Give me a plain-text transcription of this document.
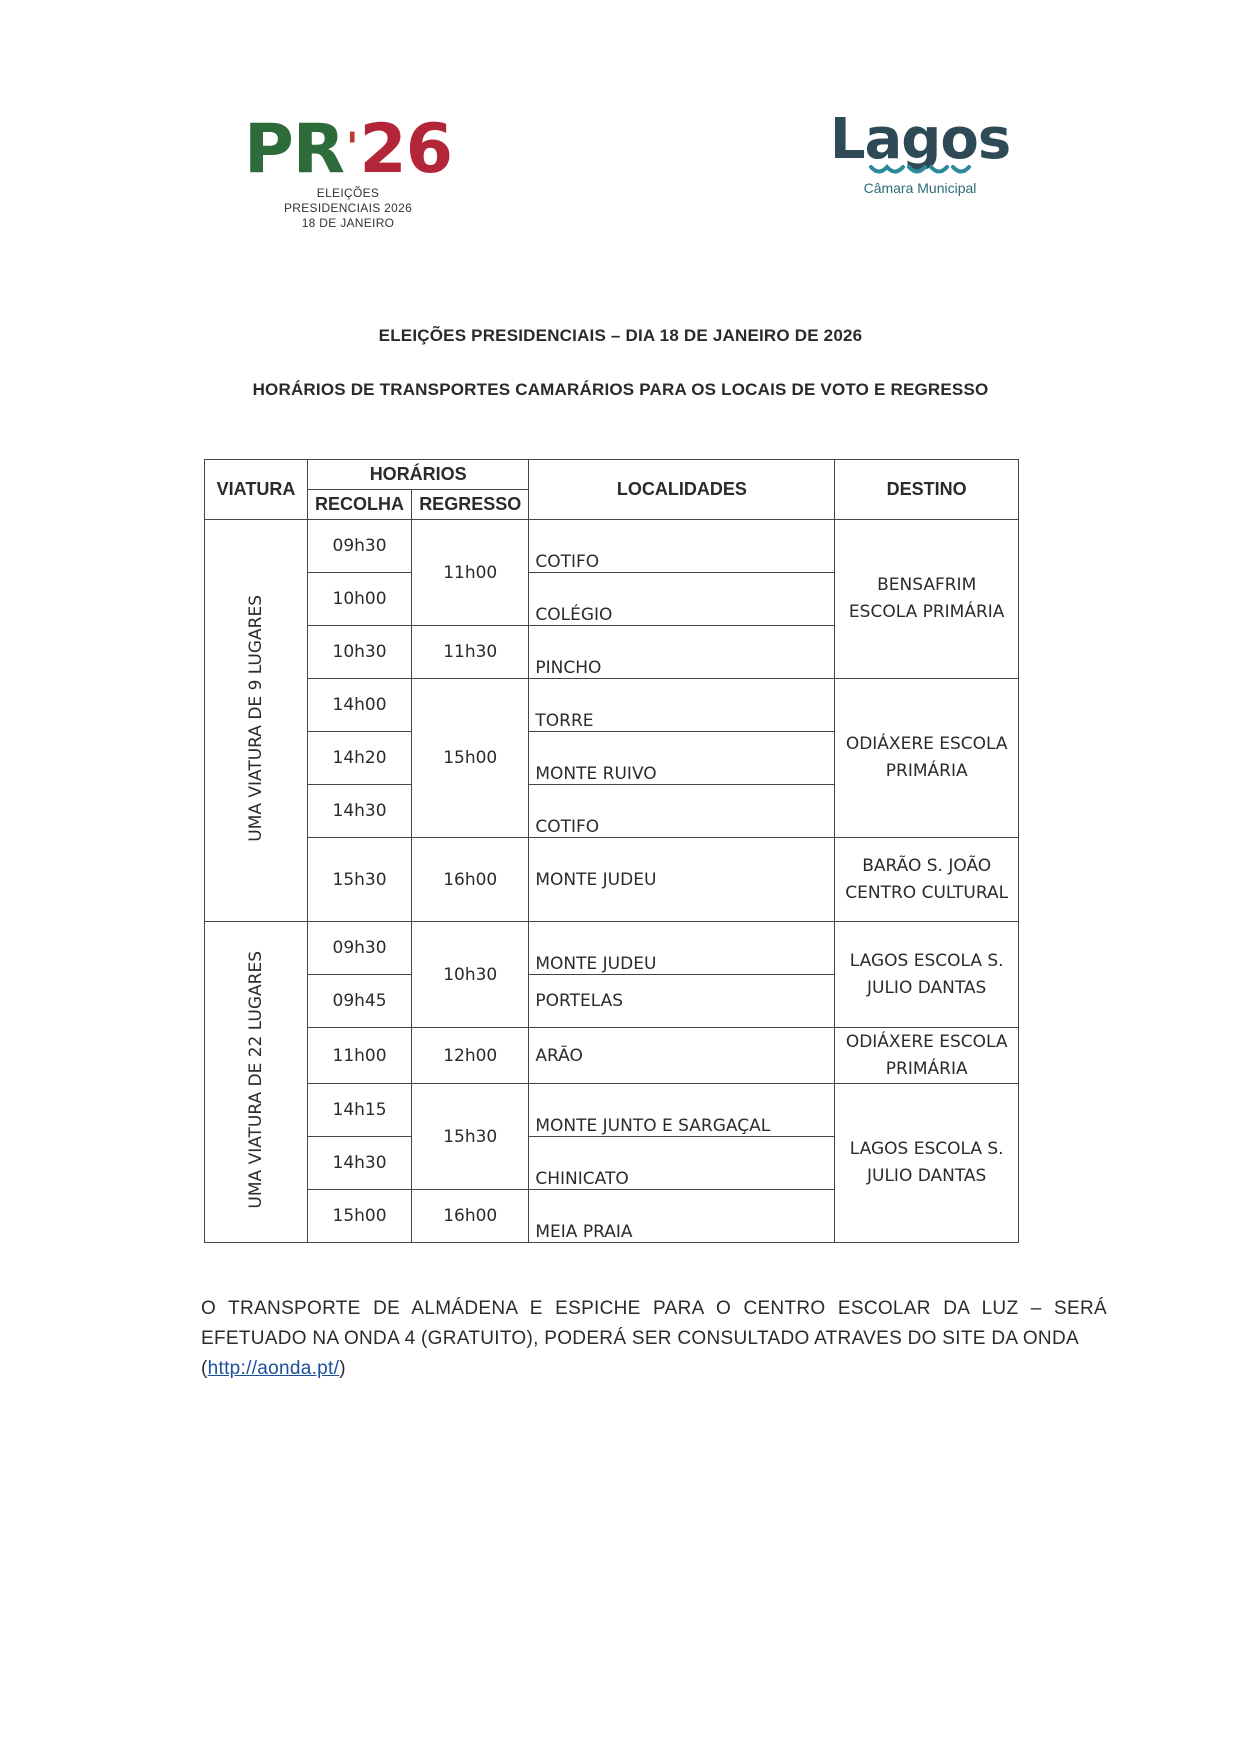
PR'26
ELEIÇÕES
PRESIDENCIAIS 2026
18 DE JANEIRO
Lagos
Câmara Municipal
ELEIÇÕES PRESIDENCIAIS – DIA 18 DE JANEIRO DE 2026
HORÁRIOS DE TRANSPORTES CAMARÁRIOS PARA OS LOCAIS DE VOTO E REGRESSO
VIATURA	HORÁRIOS		LOCALIDADES	DESTINO
	RECOLHA	REGRESSO		
UMA VIATURA DE 9 LUGARES	09h30	11h00	COTIFO	BENSAFRIM ESCOLA PRIMÁRIA
	10h00		COLÉGIO	
	10h30	11h30	PINCHO	
	14h00	15h00	TORRE	ODIÁXERE ESCOLA PRIMÁRIA
	14h20		MONTE RUIVO	
	14h30		COTIFO	
	15h30	16h00	MONTE JUDEU	BARÃO S. JOÃO CENTRO CULTURAL
UMA VIATURA DE 22 LUGARES	09h30	10h30	MONTE JUDEU	LAGOS ESCOLA S. JULIO DANTAS
	09h45		PORTELAS	
	11h00	12h00	ARÃO	ODIÁXERE ESCOLA PRIMÁRIA
	14h15	15h30	MONTE JUNTO E SARGAÇAL	LAGOS ESCOLA S. JULIO DANTAS
	14h30		CHINICATO	
	15h00	16h00	MEIA PRAIA	
O TRANSPORTE DE ALMÁDENA E ESPICHE PARA O CENTRO ESCOLAR DA LUZ – SERÁ EFETUADO NA ONDA 4 (GRATUITO), PODERÁ SER CONSULTADO ATRAVES DO SITE DA ONDA
(http://aonda.pt/)
